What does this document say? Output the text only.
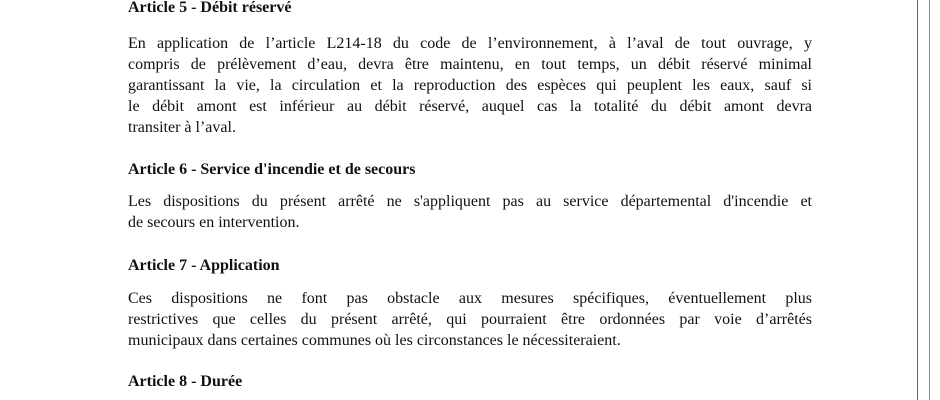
Article 5 - Débit réservé
En application de l’article L214-18 du code de l’environnement, à l’aval de tout ouvrage, y
compris de prélèvement d’eau, devra être maintenu, en tout temps, un débit réservé minimal
garantissant la vie, la circulation et la reproduction des espèces qui peuplent les eaux, sauf si
le débit amont est inférieur au débit réservé, auquel cas la totalité du débit amont devra
transiter à l’aval.
Article 6 - Service d'incendie et de secours
Les dispositions du présent arrêté ne s'appliquent pas au service départemental d'incendie et
de secours en intervention.
Article 7 - Application
Ces dispositions ne font pas obstacle aux mesures spécifiques, éventuellement plus
restrictives que celles du présent arrêté, qui pourraient être ordonnées par voie d’arrêtés
municipaux dans certaines communes où les circonstances le nécessiteraient.
Article 8 - Durée
